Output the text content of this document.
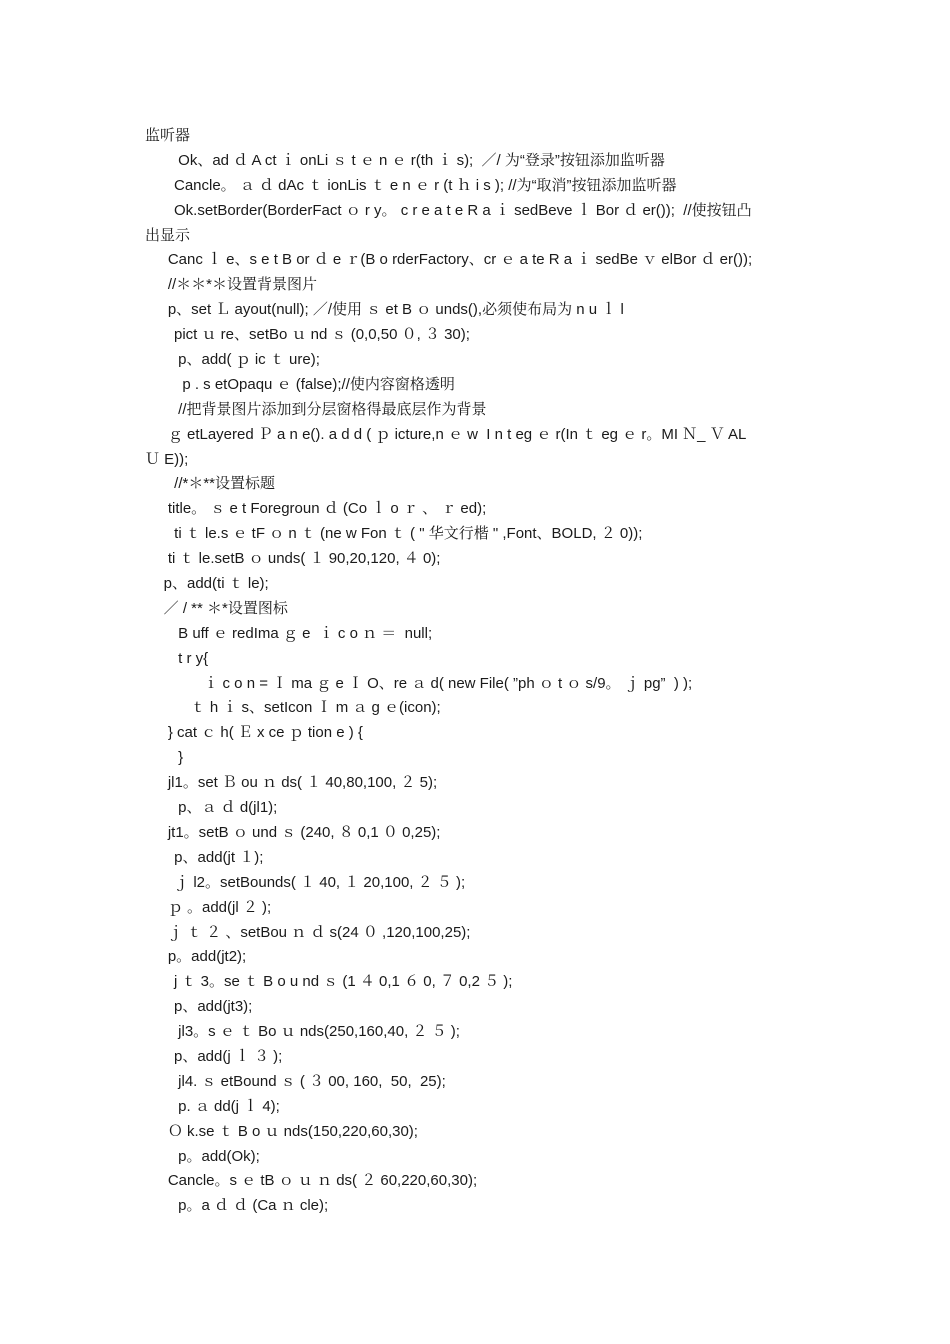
监听器
ﾠ ﾠOk、ad ｄ A ct ｉ onLi ｓ t ｅ n ｅ r(th ｉ s);  ／/ 为“登录”按钮添加监听器
ﾠﾠCancle。 ａ ｄ dAc ｔ ionLis ｔ e n ｅ r (t ｈ i s ); //为“取消”按钮添加监听器
ﾠﾠOk.setBorder(BorderFact ｏ r y。 c r e a t e R a ｉ sedBeve ｌ Bor ｄ er());  //使按钮凸
出显示
ﾠ  Canc ｌ e、s e t B or ｄ e ｒ(B o rderFactory、cr ｅ a te R a ｉ sedBe ｖ elBor ｄ er());
ﾠ  //＊＊*＊设置背景图片
ﾠ  p、set Ｌ ayout(null); ／/使用 ｓ et B ｏ unds(),必须使布局为 n u ｌ l     ﾠ
ﾠﾠpict ｕ re、setBo ｕ nd ｓ (0,0,50 ０, ３ 30);
ﾠ ﾠp、add( ｐ ic ｔ ure);
ﾠ ﾠ p . s etOpaqu ｅ (false);//使内容窗格透明
ﾠ ﾠ//把背景图片添加到分层窗格得最底层作为背景
ﾠ  ｇ etLayered Ｐ a n e(). a d d ( ｐ icture,n ｅ w  I n t eg ｅ r(In ｔ eg ｅ r。MI Ｎ_ Ｖ AL
Ｕ E));
//*＊**设置标题
ﾠ  title。 ｓ e t Foregroun ｄ (Co ｌ o ｒ 、 ｒ ed);
ti ｔ le.s ｅ tF ｏ n ｔ (ne w Fon ｔ ( " 华文行楷 " ,Font、BOLD, ２ 0));ﾠﾠ
ﾠ  ti ｔ le.setB ｏ unds( １ 90,20,120, ４ 0);
ﾠ p、add(ti ｔ le);
ﾠ ／ / ** ＊*设置图标
ﾠ ﾠB uff ｅ redIma ｇ e  ｉ c o ｎ ＝  null;
ﾠﾠt r y{
ｉ c o n = Ｉ ma ｇ e Ｉ O、re ａ d( new File( ”ph ｏ t ｏ s/9。 ｊ pg”  ) );
ﾠ  ﾠ  ｔ h ｉ s、setIcon Ｉ m ａ g ｅ(icon);
ﾠ } cat ｃ h( Ｅ x ce ｐ tion e ) {
ﾠﾠ}
ﾠ  jl1。set Ｂ ou ｎ ds( １ 40,80,100, ２ 5);
ﾠ ﾠp、ａ ｄ d(jl1);
ﾠ  jt1。setB ｏ und ｓ (240, ８ 0,1 ０ 0,25);
p、add(jt １);
ｊ l2。setBounds( １ 40, １ 20,100, ２ ５ );ﾠﾠ
ﾠ  ｐ 。add(jl ２ );ﾠ
ﾠ  ｊ ｔ ２ 、setBou ｎ ｄ s(24 ０ ,120,100,25);
ﾠ  p。add(jt2);
ﾠﾠj ｔ 3。se ｔ B o u nd ｓ (1 ４ 0,1 ６ 0, ７ 0,2 ５ );
ﾠﾠp、add(jt3);ﾠ
ﾠ ﾠjl3。s ｅ ｔ Bo ｕ nds(250,160,40, ２ ５ );
ﾠﾠp、add(j ｌ ３ );
ﾠ ﾠjl4. ｓ etBound ｓ ( ３ 00, 160,  50,  25);
ﾠ ﾠp. ａ dd(j ｌ 4);
ﾠ  Ｏ k.se ｔ B o ｕ nds(150,220,60,30);
ﾠ ﾠp。add(Ok);
ﾠ  Cancle。s ｅ tB ｏ ｕ ｎ ds( ２ 60,220,60,30);
ﾠ ﾠp。a ｄ ｄ (Ca ｎ cle);
